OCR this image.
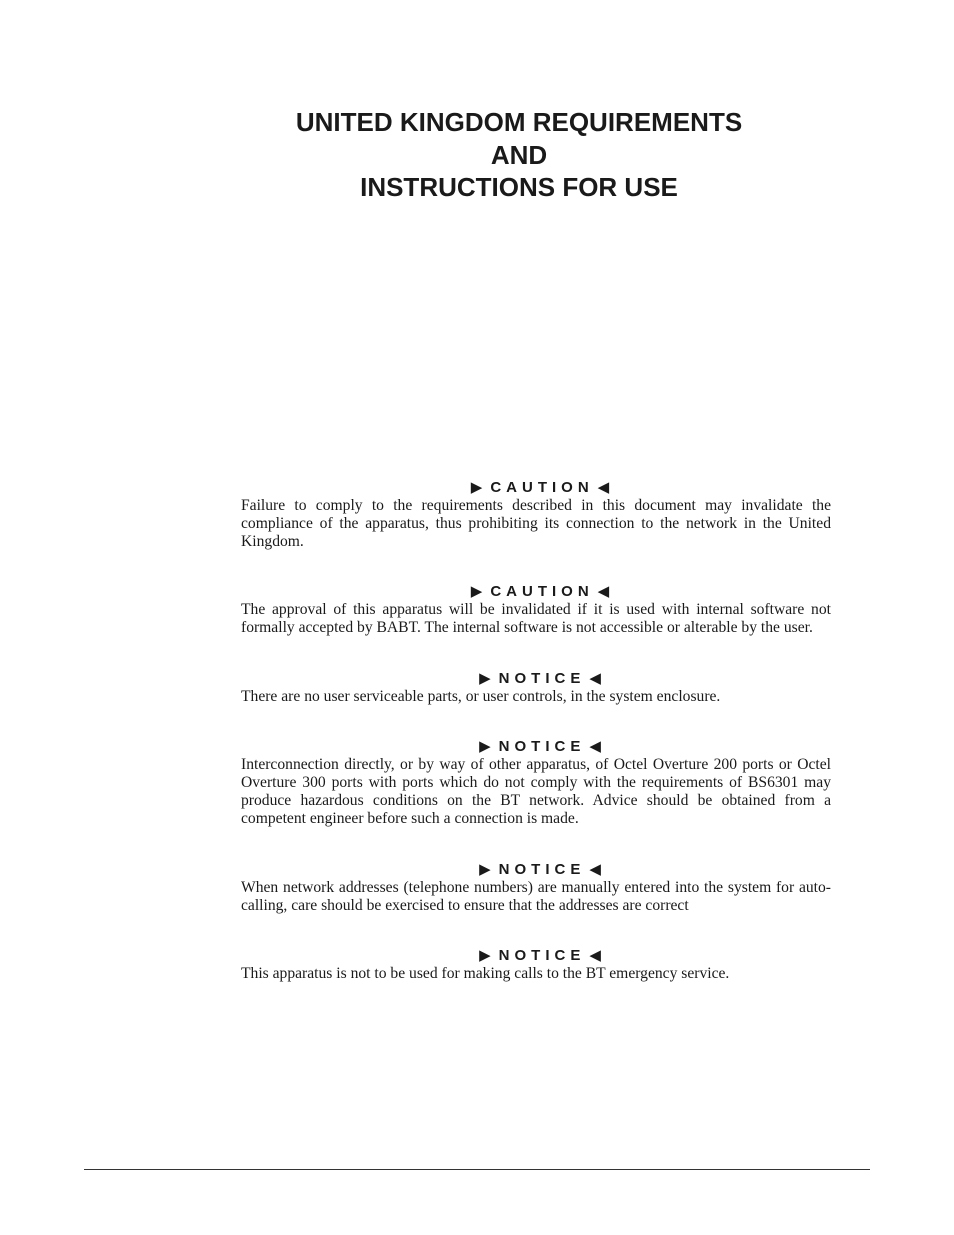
UNITED KINGDOM REQUIREMENTS
AND
INSTRUCTIONS FOR USE
▶ CAUTION ◀

Failure to comply to the requirements described in this document may invalidate the compliance of the apparatus, thus prohibiting its connection to the network in the United Kingdom.

▶ CAUTION ◀

The approval of this apparatus will be invalidated if it is used with internal software not formally accepted by BABT. The internal software is not accessible or alterable by the user.

▶ NOTICE ◀

There are no user serviceable parts, or user controls, in the system enclosure.

▶ NOTICE ◀

Interconnection directly, or by way of other apparatus, of Octel Overture 200 ports or Octel Overture 300 ports with ports which do not comply with the requirements of BS6301 may produce hazardous conditions on the BT network. Advice should be obtained from a competent engineer before such a connection is made.

▶ NOTICE ◀

When network addresses (telephone numbers) are manually entered into the system for auto-calling, care should be exercised to ensure that the addresses are correct

▶ NOTICE ◀

This apparatus is not to be used for making calls to the BT emergency service.
